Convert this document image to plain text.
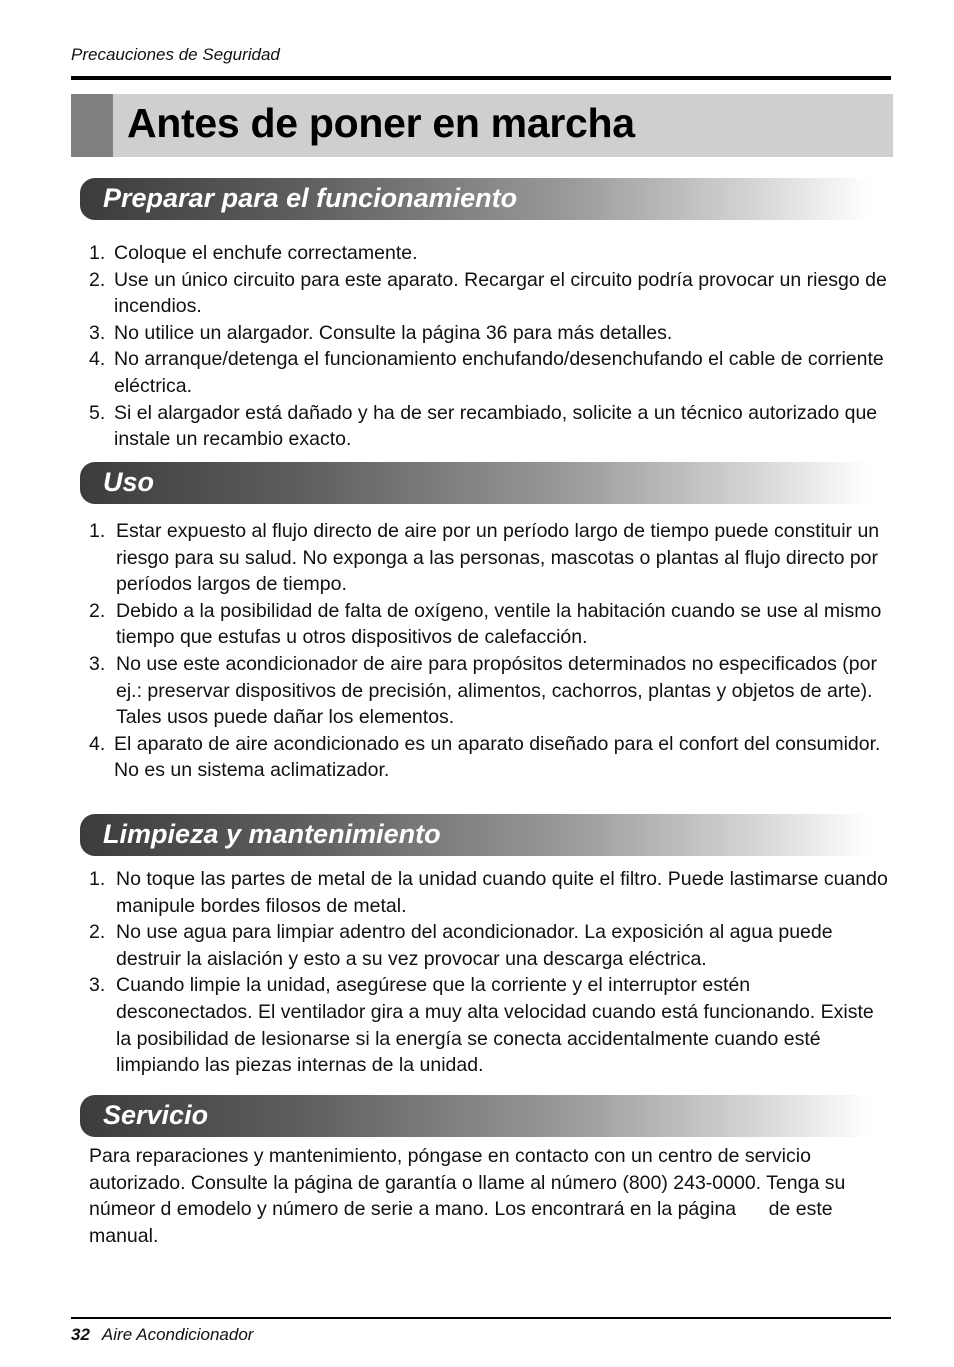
Precauciones de Seguridad
Antes de poner en marcha
Preparar para el funcionamiento
1. Coloque el enchufe correctamente.
2. Use un único circuito para este aparato. Recargar el circuito podría provocar un riesgo de incendios.
3. No utilice un alargador. Consulte la página 36 para más detalles.
4. No arranque/detenga el funcionamiento enchufando/desenchufando el cable de corriente eléctrica.
5. Si el alargador está dañado y ha de ser recambiado, solicite a un técnico autorizado que instale un recambio exacto.
Uso
1. Estar expuesto al flujo directo de aire por un período largo de tiempo puede constituir un riesgo para su salud. No exponga a las personas, mascotas o plantas al flujo directo por períodos largos de tiempo.
2. Debido a la posibilidad de falta de oxígeno, ventile la habitación cuando se use al mismo tiempo que estufas u otros dispositivos de calefacción.
3. No use este acondicionador de aire para propósitos determinados no especificados (por ej.: preservar dispositivos de precisión, alimentos, cachorros, plantas y objetos de arte). Tales usos puede dañar los elementos.
4. El aparato de aire acondicionado es un aparato diseñado para el confort del consumidor. No es un sistema aclimatizador.
Limpieza y mantenimiento
1. No toque las partes de metal de la unidad cuando quite el filtro. Puede lastimarse cuando manipule bordes filosos de metal.
2. No use agua para limpiar adentro del acondicionador. La exposición al agua puede destruir la aislación y esto a su vez provocar una descarga eléctrica.
3. Cuando limpie la unidad, asegúrese que la corriente y el interruptor estén desconectados. El ventilador gira a muy alta velocidad cuando está funcionando. Existe la posibilidad de lesionarse si la energía se conecta accidentalmente cuando esté limpiando las piezas internas de la unidad.
Servicio

Para reparaciones y mantenimiento, póngase en contacto con un centro de servicio autorizado. Consulte la página de garantía o llame al número (800) 243-0000. Tenga su númeor d emodelo y número de serie a mano. Los encontrará en la página      de este manual.

32 Aire Acondicionador
